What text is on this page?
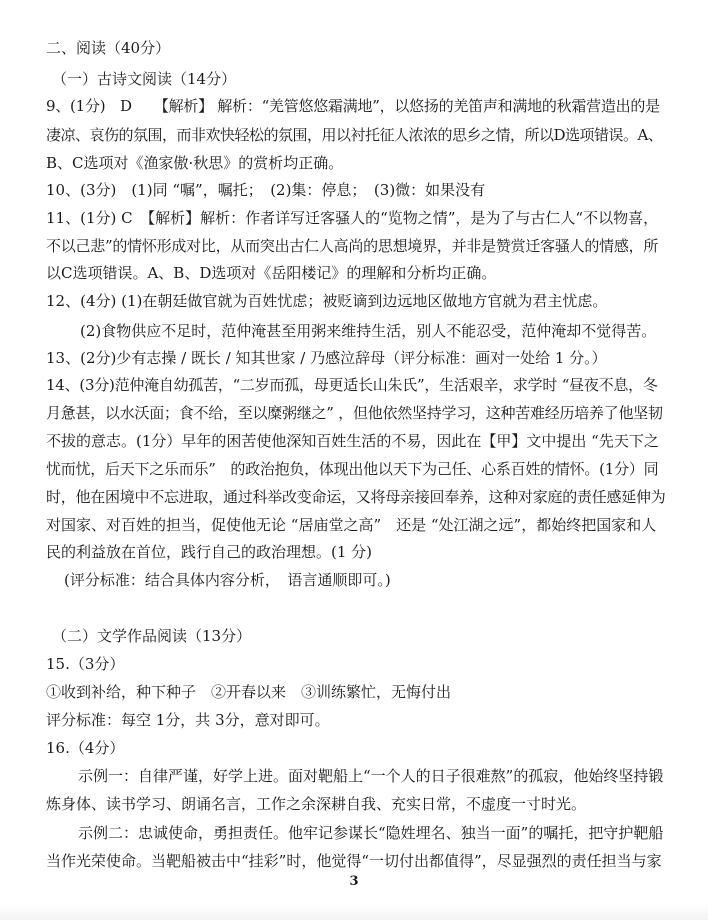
二、阅读（40分）
（一）古诗文阅读（14分）
9、(1分)　D　　【解析】 解析：“羌管悠悠霜满地”，以悠扬的羌笛声和满地的秋霜营造出的是
凄凉、哀伤的氛围，而非欢快轻松的氛围，用以衬托征人浓浓的思乡之情，所以D选项错误。A、
B、C选项对《渔家傲·秋思》的赏析均正确。
10、(3分)　(1)同 “嘱”，嘱托；　(2)集：停息；　(3)微：如果没有
11、(1分) C　【解析】解析：作者详写迁客骚人的“览物之情”，是为了与古仁人“不以物喜，
不以己悲”的情怀形成对比，从而突出古仁人高尚的思想境界，并非是赞赏迁客骚人的情感，所
以C选项错误。A、B、D选项对《岳阳楼记》的理解和分析均正确。
12、(4分) (1)在朝廷做官就为百姓忧虑；被贬谪到边远地区做地方官就为君主忧虑。
(2)食物供应不足时，范仲淹甚至用粥来维持生活，别人不能忍受，范仲淹却不觉得苦。
13、(2分)少有志操 / 既长 / 知其世家 / 乃感泣辞母（评分标准：画对一处给 1 分。）
14、(3分)范仲淹自幼孤苦，“二岁而孤，母更适长山朱氏”，生活艰辛，求学时 “昼夜不息，冬
月惫甚，以水沃面；食不给，至以糜粥继之” ，但他依然坚持学习，这种苦难经历培养了他坚韧
不拔的意志。(1分）早年的困苦使他深知百姓生活的不易，因此在【甲】文中提出 “先天下之
忧而忧，后天下之乐而乐”　的政治抱负，体现出他以天下为己任、心系百姓的情怀。(1分）同
时，他在困境中不忘进取，通过科举改变命运，又将母亲接回奉养，这种对家庭的责任感延伸为
对国家、对百姓的担当，促使他无论 “居庙堂之高”　还是 “处江湖之远”，都始终把国家和人
民的利益放在首位，践行自己的政治理想。(1 分)
(评分标准：结合具体内容分析，　语言通顺即可。)
（二）文学作品阅读（13分）
15.（3分）
①收到补给，种下种子　②开春以来　③训练繁忙，无悔付出
评分标准：每空 1分，共 3分，意对即可。
16.（4分）
示例一：自律严谨，好学上进。面对靶船上“一个人的日子很难熬”的孤寂，他始终坚持锻
炼身体、读书学习、朗诵名言，工作之余深耕自我、充实日常，不虚度一寸时光。
示例二：忠诚使命，勇担责任。他牢记参谋长“隐姓埋名、独当一面”的嘱托，把守护靶船
当作光荣使命。当靶船被击中“挂彩”时，他觉得“一切付出都值得”，尽显强烈的责任担当与家
3
